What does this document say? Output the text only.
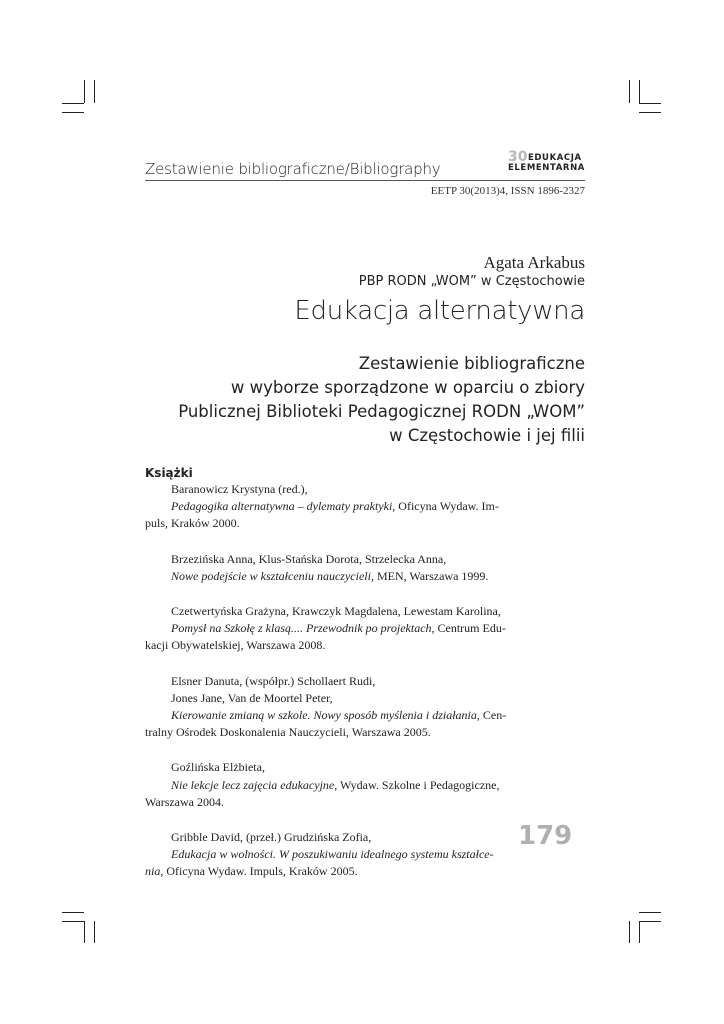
Zestawienie bibliograficzne/Bibliography
30 EDUKACJA
ELEMENTARNA
EETP 30(2013)4, ISSN 1896-2327
Agata Arkabus
PBP RODN „WOM” w Częstochowie
Edukacja alternatywna
Zestawienie bibliograficzne
w wyborze sporządzone w oparciu o zbiory
Publicznej Biblioteki Pedagogicznej RODN „WOM”
w Częstochowie i jej filii
Książki
Baranowicz Krystyna (red.),
Pedagogika alternatywna – dylematy praktyki, Oficyna Wydaw. Im-
puls, Kraków 2000.
Brzezińska Anna, Klus-Stańska Dorota, Strzelecka Anna,
Nowe podejście w kształceniu nauczycieli, MEN, Warszawa 1999.
Czetwertyńska Grażyna, Krawczyk Magdalena, Lewestam Karolina,
Pomysł na Szkołę z klasą.... Przewodnik po projektach, Centrum Edu-
kacji Obywatelskiej, Warszawa 2008.
Elsner Danuta, (współpr.) Schollaert Rudi,
Jones Jane, Van de Moortel Peter,
Kierowanie zmianą w szkole. Nowy sposób myślenia i działania, Cen-
tralny Ośrodek Doskonalenia Nauczycieli, Warszawa 2005.
Goźlińska Elżbieta,
Nie lekcje lecz zajęcia edukacyjne, Wydaw. Szkolne i Pedagogiczne,
Warszawa 2004.
Gribble David, (przeł.) Grudzińska Zofia,
Edukacja w wolności. W poszukiwaniu idealnego systemu kształce-
nia, Oficyna Wydaw. Impuls, Kraków 2005.
179
